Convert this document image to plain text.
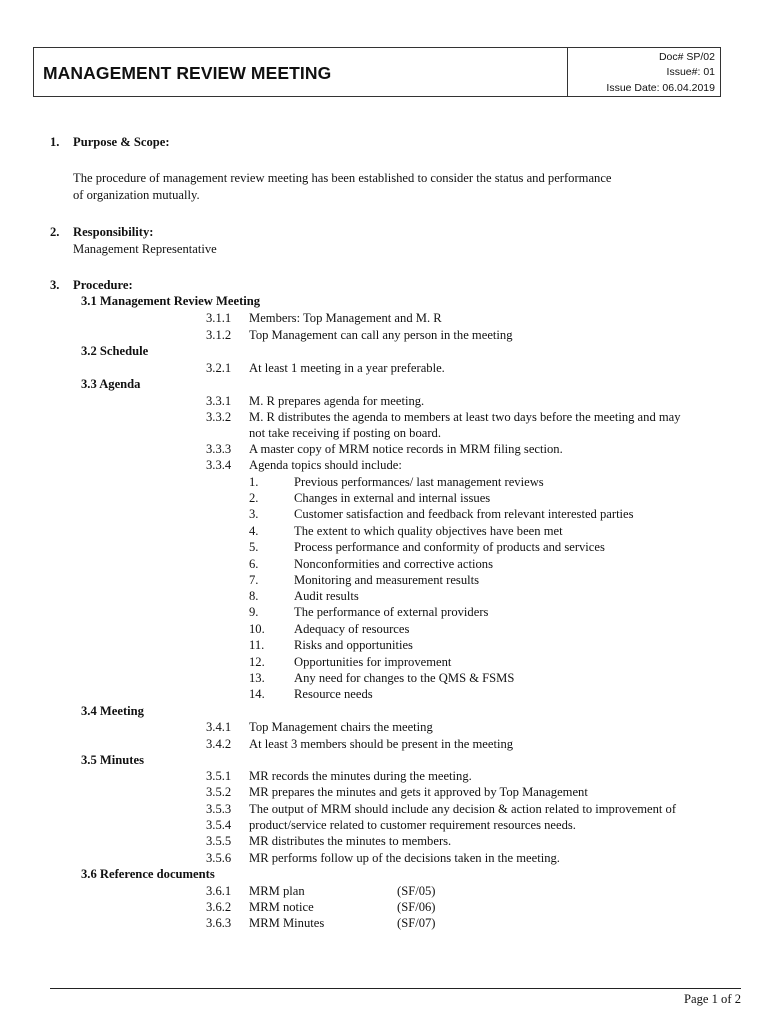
MANAGEMENT REVIEW MEETING
Doc# SP/02
Issue#: 01
Issue Date: 06.04.2019
1. Purpose & Scope:
The procedure of management review meeting has been established to consider the status and performance
of organization mutually.
2. Responsibility:
Management Representative
3. Procedure:
3.1 Management Review Meeting
3.1.1 Members: Top Management and M. R
3.1.2 Top Management can call any person in the meeting
3.2 Schedule
3.2.1 At least 1 meeting in a year preferable.
3.3 Agenda
3.3.1 M. R prepares agenda for meeting.
3.3.2 M. R distributes the agenda to members at least two days before the meeting and may
not take receiving if posting on board.
3.3.3 A master copy of MRM notice records in MRM filing section.
3.3.4 Agenda topics should include:
1.	Previous performances/ last management reviews
2.	Changes in external and internal issues
3.	Customer satisfaction and feedback from relevant interested parties
4.	The extent to which quality objectives have been met
5.	Process performance and conformity of products and services
6.	Nonconformities and corrective actions
7.	Monitoring and measurement results
8.	Audit results
9.	The performance of external providers
10. Adequacy of resources
11. Risks and opportunities
12. Opportunities for improvement
13. Any need for changes to the QMS & FSMS
14. Resource needs
3.4 Meeting
3.4.1 Top Management chairs the meeting
3.4.2 At least 3 members should be present in the meeting
3.5 Minutes
3.5.1 MR records the minutes during the meeting.
3.5.2 MR prepares the minutes and gets it approved by Top Management
3.5.3 The output of MRM should include any decision & action related to improvement of
3.5.4 product/service related to customer requirement resources needs.
3.5.5 MR distributes the minutes to members.
3.5.6 MR performs follow up of the decisions taken in the meeting.
3.6 Reference documents
3.6.1 MRM plan	(SF/05)
3.6.2 MRM notice	(SF/06)
3.6.3 MRM Minutes	(SF/07)
Page 1 of 2
